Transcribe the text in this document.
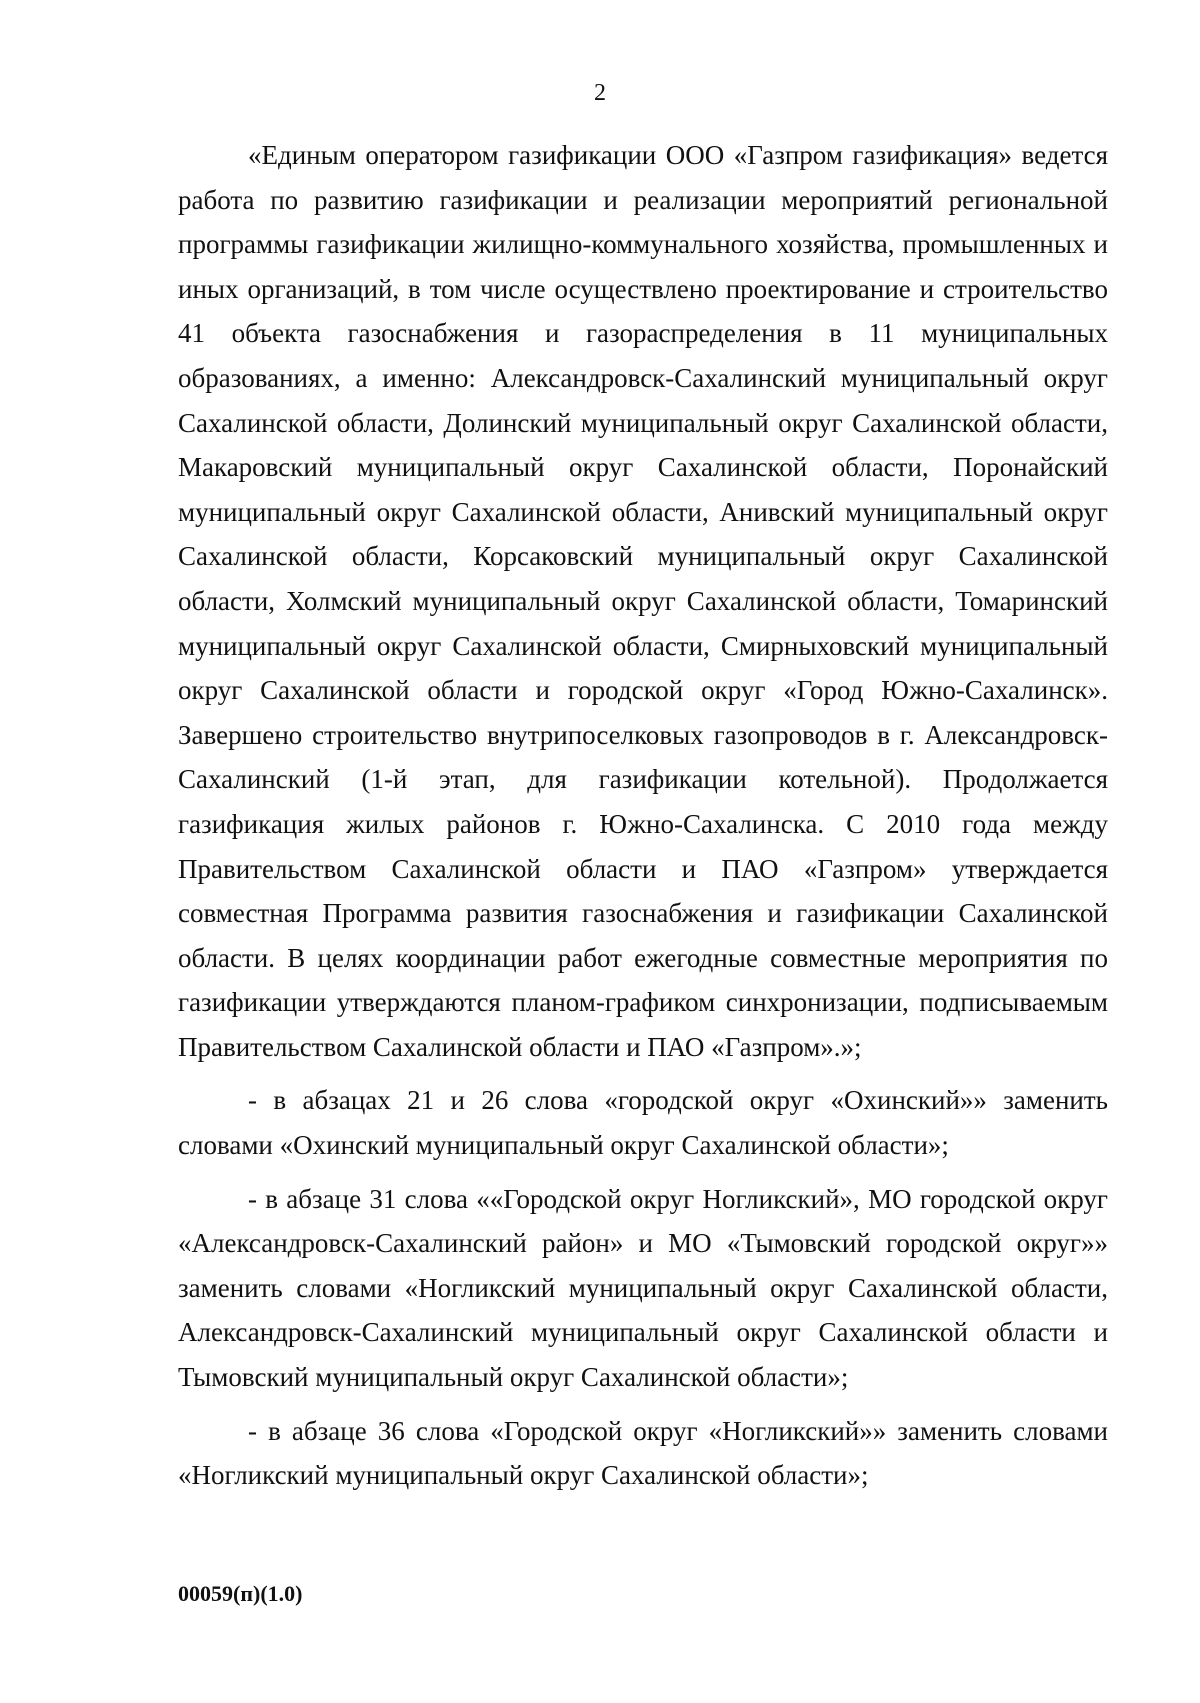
2

«Единым оператором газификации ООО «Газпром газификация» ведется работа по развитию газификации и реализации мероприятий региональной программы газификации жилищно-коммунального хозяйства, промышленных и иных организаций, в том числе осуществлено проектирование и строительство 41 объекта газоснабжения и газораспределения в 11 муниципальных образованиях, а именно: Александровск-Сахалинский муниципальный округ Сахалинской области, Долинский муниципальный округ Сахалинской области, Макаровский муниципальный округ Сахалинской области, Поронайский муниципальный округ Сахалинской области, Анивский муниципальный округ Сахалинской области, Корсаковский муниципальный округ Сахалинской области, Холмский муниципальный округ Сахалинской области, Томаринский муниципальный округ Сахалинской области, Смирныховский муниципальный округ Сахалинской области и городской округ «Город Южно-Сахалинск». Завершено строительство внутрипоселковых газопроводов в г. Александровск-Сахалинский (1-й этап, для газификации котельной). Продолжается газификация жилых районов г. Южно-Сахалинска. С 2010 года между Правительством Сахалинской области и ПАО «Газпром» утверждается совместная Программа развития газоснабжения и газификации Сахалинской области. В целях координации работ ежегодные совместные мероприятия по газификации утверждаются планом-графиком синхронизации, подписываемым Правительством Сахалинской области и ПАО «Газпром».»;

- в абзацах 21 и 26 слова «городской округ «Охинский»» заменить словами «Охинский муниципальный округ Сахалинской области»;

- в абзаце 31 слова ««Городской округ Ногликский», МО городской округ «Александровск-Сахалинский район» и МО «Тымовский городской округ»» заменить словами «Ногликский муниципальный округ Сахалинской области, Александровск-Сахалинский муниципальный округ Сахалинской области и Тымовский муниципальный округ Сахалинской области»;

- в абзаце 36 слова «Городской округ «Ногликский»» заменить словами «Ногликский муниципальный округ Сахалинской области»;

00059(п)(1.0)
